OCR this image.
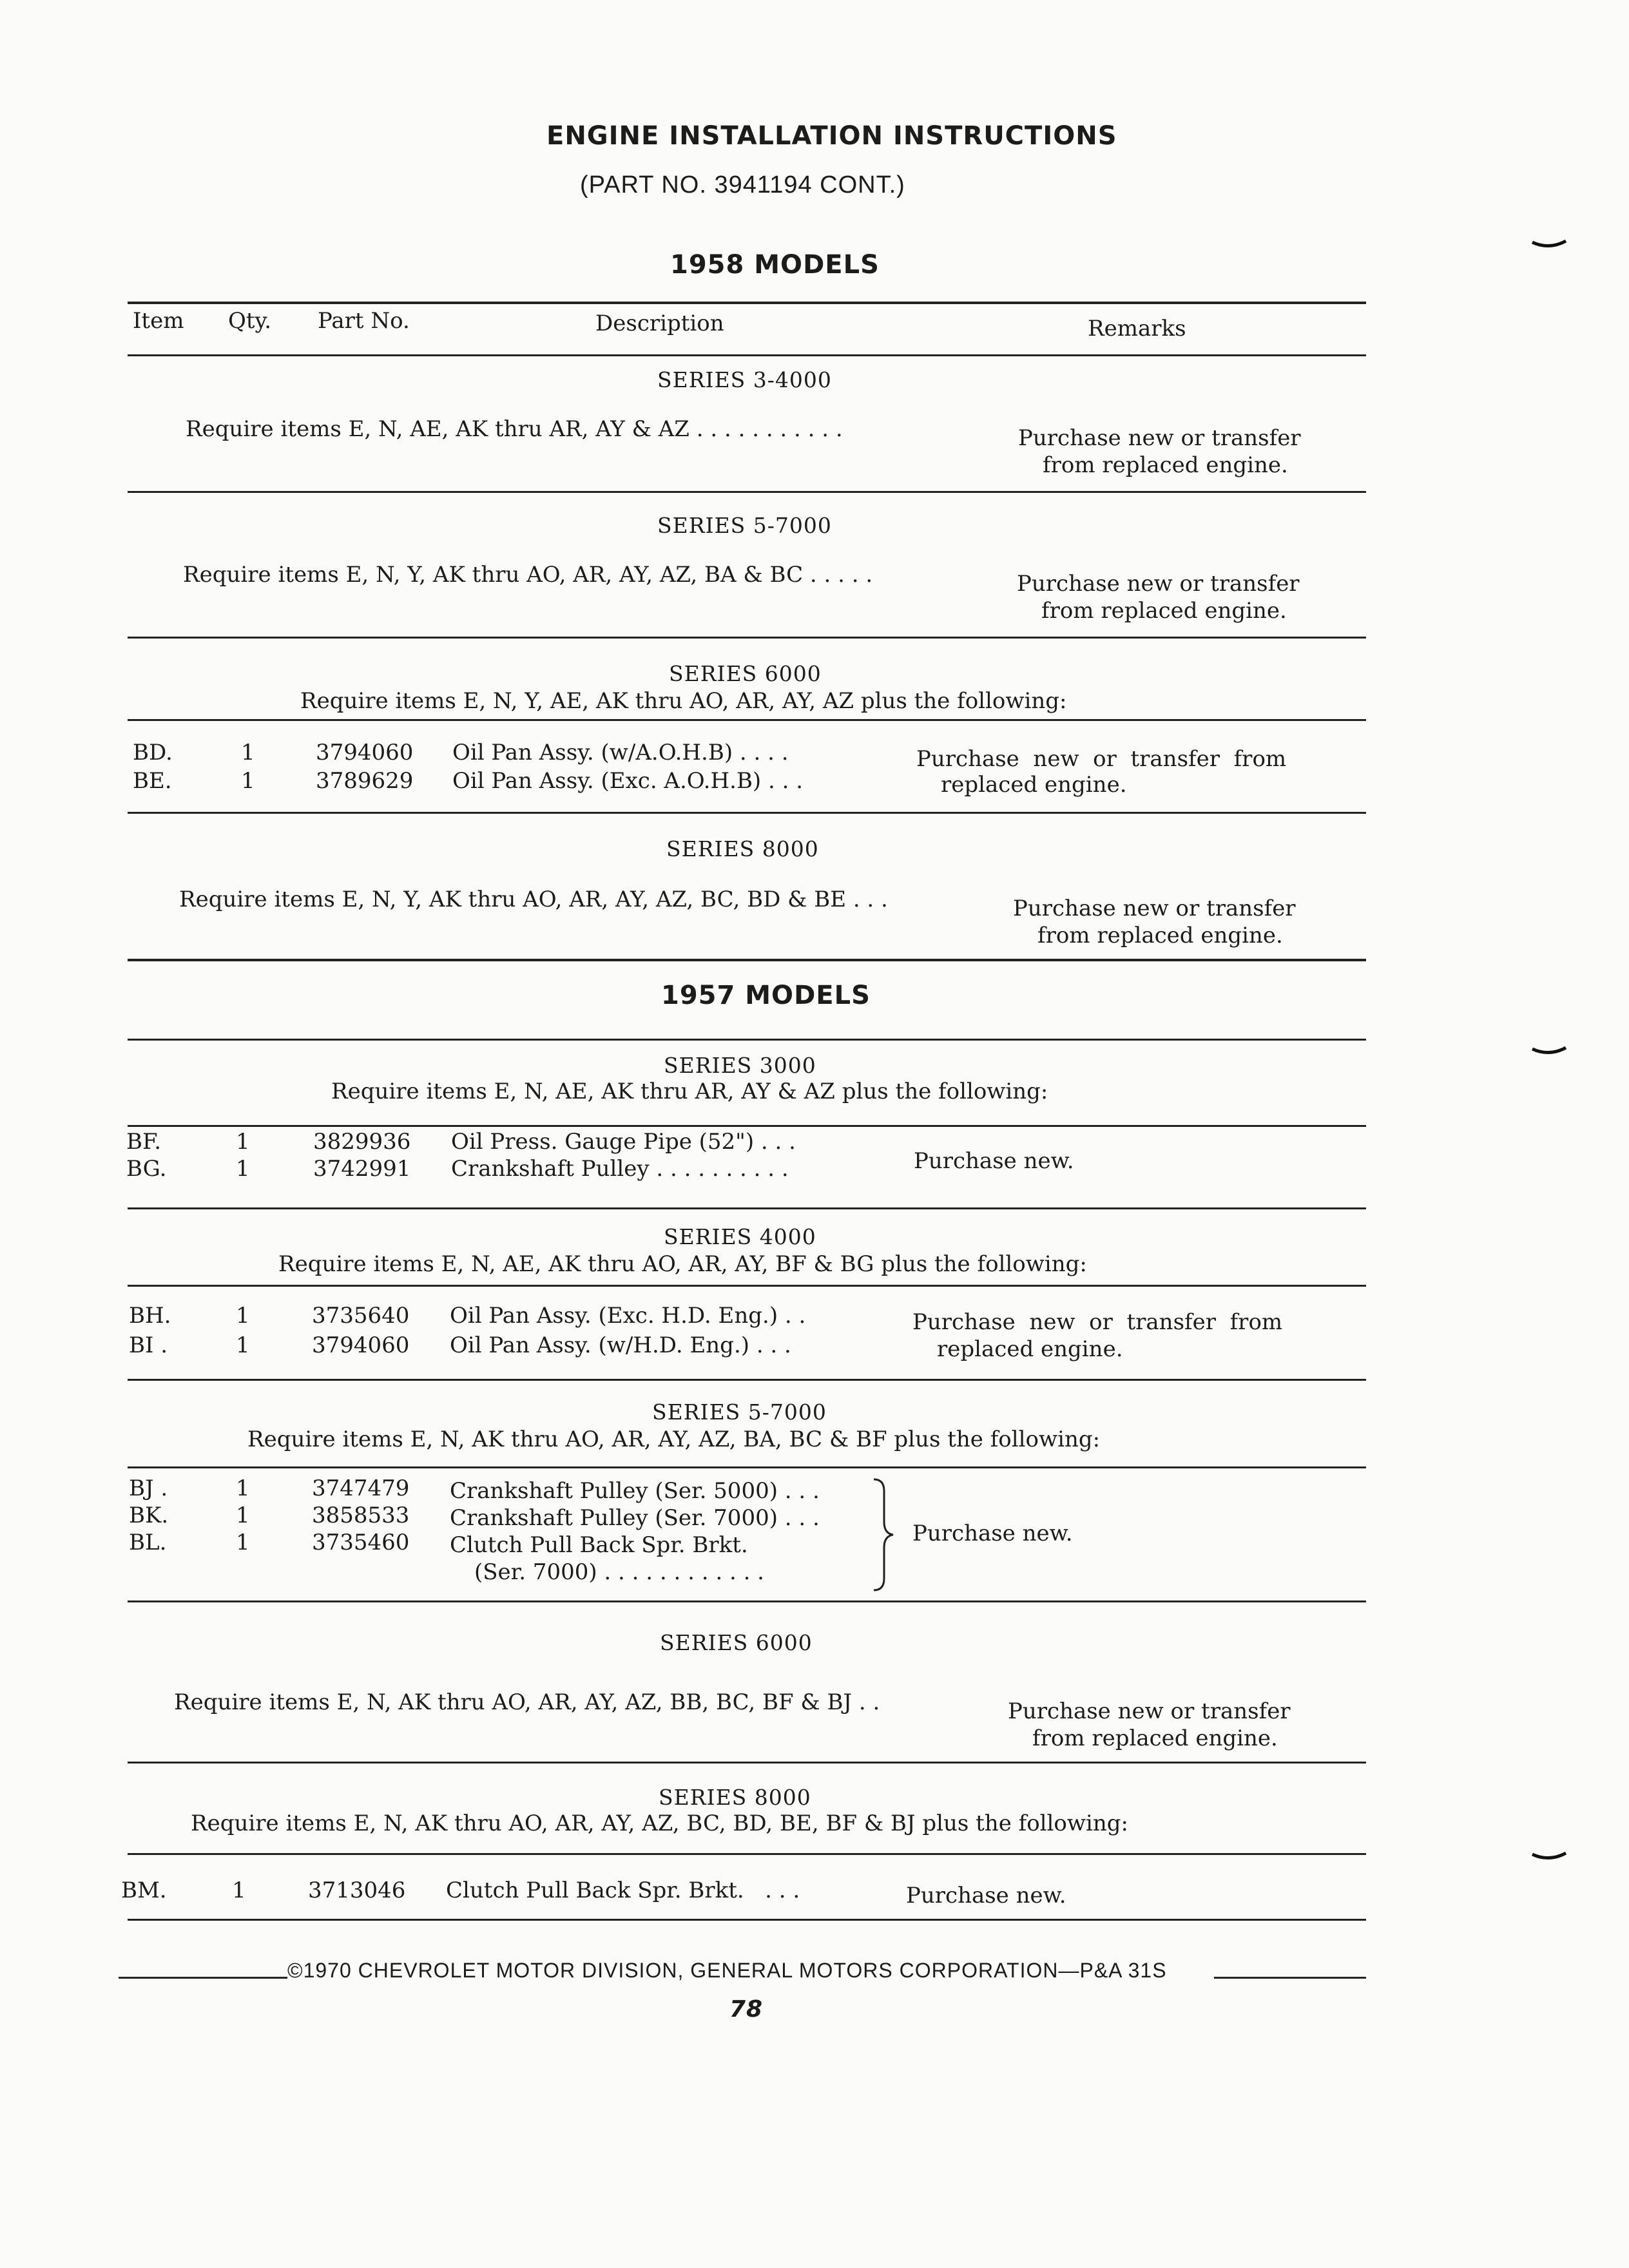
ENGINE INSTALLATION INSTRUCTIONS
(PART NO. 3941194 CONT.)
1958 MODELS
Item Qty. Part No.	Description	Remarks
SERIES 3-4000
Require items E, N, AE, AK thru AR, AY & AZ . . . . . . . . . . .	Purchase new or transfer
from replaced engine.
SERIES 5-7000
Require items E, N, Y, AK thru AO, AR, AY, AZ, BA & BC . . . . .	Purchase new or transfer
from replaced engine.
SERIES 6000
Require items E, N, Y, AE, AK thru AO, AR, AY, AZ plus the following:
BD.	1	3794060 Oil Pan Assy. (w/A.O.H.B) . . . .
BE.	1	3789629 Oil Pan Assy. (Exc. A.O.H.B) . . .
Purchase  new  or  transfer  from
replaced engine.
SERIES 8000
Require items E, N, Y, AK thru AO, AR, AY, AZ, BC, BD & BE . . .	Purchase new or transfer
from replaced engine.
1957 MODELS
SERIES 3000
Require items E, N, AE, AK thru AR, AY & AZ plus the following:
BF.	1	3829936 Oil Press. Gauge Pipe (52") . . .
BG.	1	3742991 Crankshaft Pulley . . . . . . . . . .	Purchase new.
SERIES 4000
Require items E, N, AE, AK thru AO, AR, AY, BF & BG plus the following:
BH.	1	3735640 Oil Pan Assy. (Exc. H.D. Eng.) . .
BI .	1	3794060 Oil Pan Assy. (w/H.D. Eng.) . . .
Purchase  new  or  transfer  from
replaced engine.
SERIES 5-7000
Require items E, N, AK thru AO, AR, AY, AZ, BA, BC & BF plus the following:
BJ .	1	3747479 Crankshaft Pulley (Ser. 5000) . . .
BK.	1	3858533 Crankshaft Pulley (Ser. 7000) . . .
BL.	1	3735460 Clutch Pull Back Spr. Brkt.
(Ser. 7000) . . . . . . . . . . . .
Purchase new.
SERIES 6000
Require items E, N, AK thru AO, AR, AY, AZ, BB, BC, BF & BJ . .	Purchase new or transfer
from replaced engine.
SERIES 8000
Require items E, N, AK thru AO, AR, AY, AZ, BC, BD, BE, BF & BJ plus the following:
BM.	1	3713046 Clutch Pull Back Spr. Brkt.   . . .	Purchase new.
©1970 CHEVROLET MOTOR DIVISION, GENERAL MOTORS CORPORATION—P&A 31S
78
